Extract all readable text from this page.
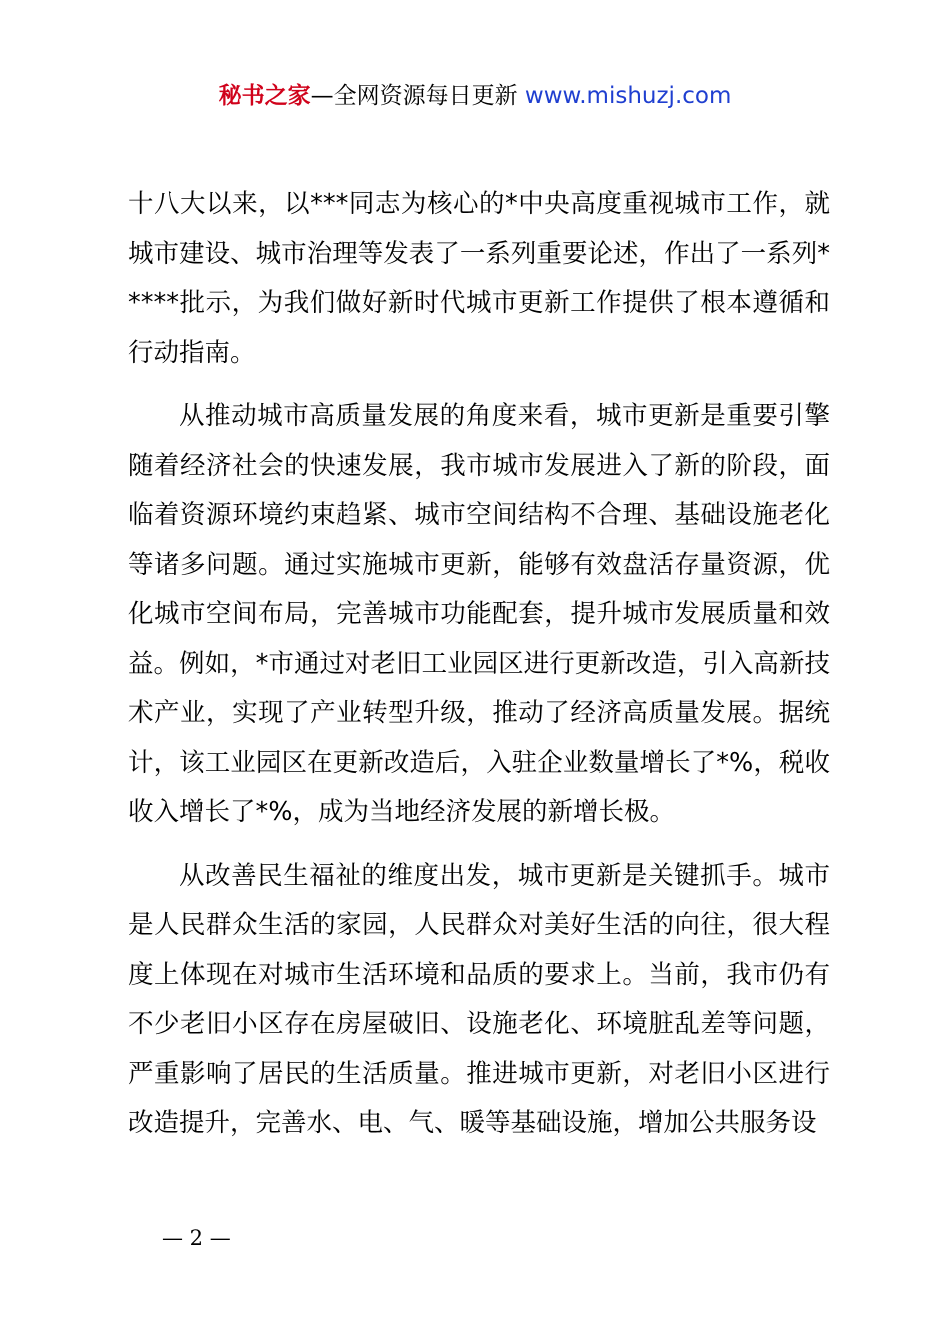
秘书之家—全网资源每日更新 www.mishuzj.com

十八大以来，以***同志为核心的*中央高度重视城市工作，就城市建设、城市治理等发表了一系列重要论述，作出了一系列*****批示，为我们做好新时代城市更新工作提供了根本遵循和行动指南。

从推动城市高质量发展的角度来看，城市更新是重要引擎随着经济社会的快速发展，我市城市发展进入了新的阶段，面临着资源环境约束趋紧、城市空间结构不合理、基础设施老化等诸多问题。通过实施城市更新，能够有效盘活存量资源，优化城市空间布局，完善城市功能配套，提升城市发展质量和效益。例如，*市通过对老旧工业园区进行更新改造，引入高新技术产业，实现了产业转型升级，推动了经济高质量发展。据统计，该工业园区在更新改造后，入驻企业数量增长了*%，税收收入增长了*%，成为当地经济发展的新增长极。

从改善民生福祉的维度出发，城市更新是关键抓手。城市是人民群众生活的家园，人民群众对美好生活的向往，很大程度上体现在对城市生活环境和品质的要求上。当前，我市仍有不少老旧小区存在房屋破旧、设施老化、环境脏乱差等问题，严重影响了居民的生活质量。推进城市更新，对老旧小区进行改造提升，完善水、电、气、暖等基础设施，增加公共服务设

— 2 —
